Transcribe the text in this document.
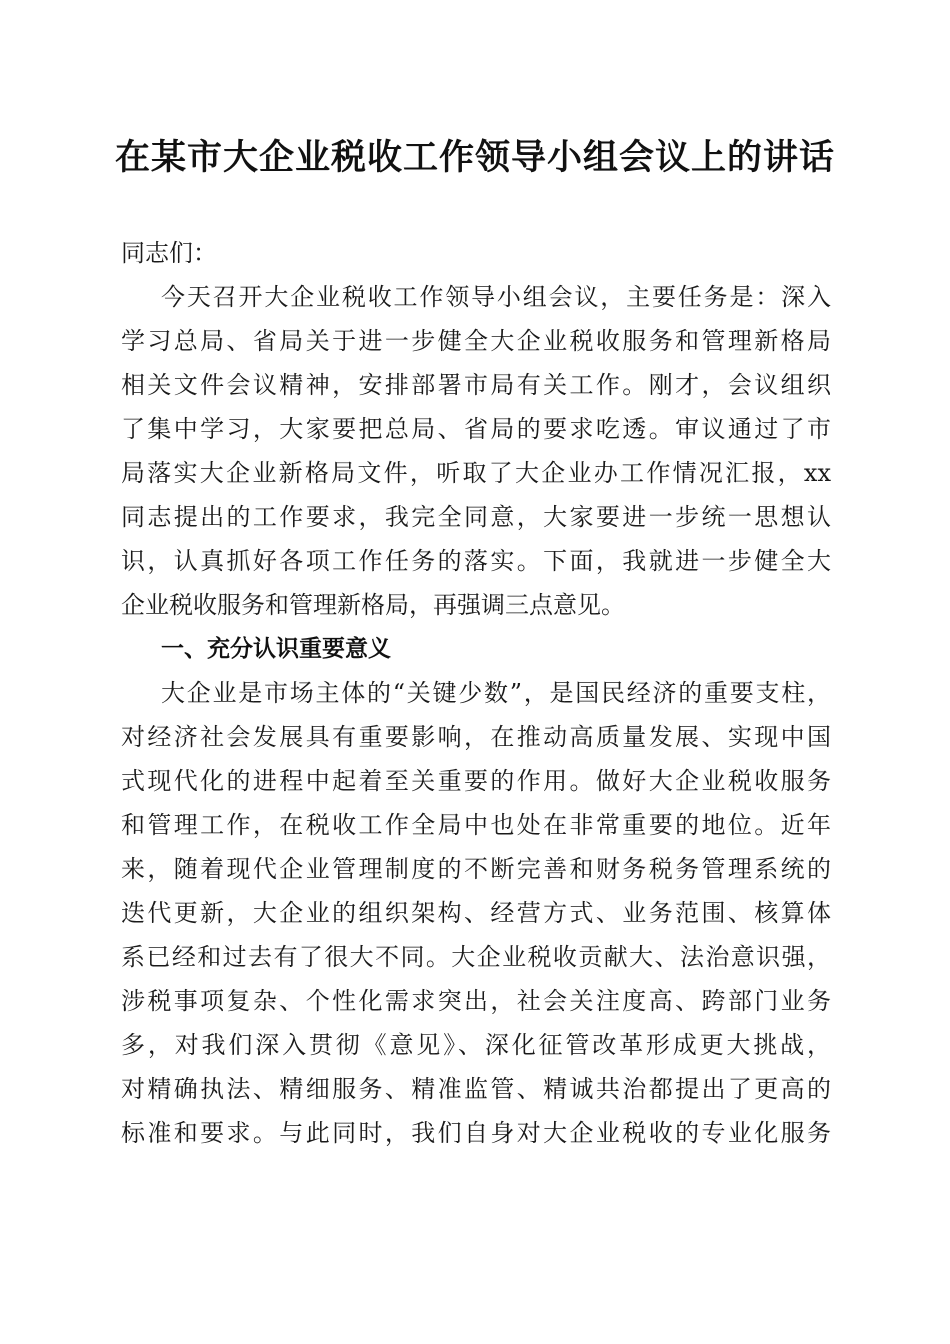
在某市大企业税收工作领导小组会议上的讲话
同志们：
今天召开大企业税收工作领导小组会议，主要任务是：深入
学习总局、省局关于进一步健全大企业税收服务和管理新格局
相关文件会议精神，安排部署市局有关工作。刚才，会议组织
了集中学习，大家要把总局、省局的要求吃透。审议通过了市
局落实大企业新格局文件，听取了大企业办工作情况汇报，xx
同志提出的工作要求，我完全同意，大家要进一步统一思想认
识，认真抓好各项工作任务的落实。下面，我就进一步健全大
企业税收服务和管理新格局，再强调三点意见。
一、充分认识重要意义
大企业是市场主体的“关键少数”，是国民经济的重要支柱，
对经济社会发展具有重要影响，在推动高质量发展、实现中国
式现代化的进程中起着至关重要的作用。做好大企业税收服务
和管理工作，在税收工作全局中也处在非常重要的地位。近年
来，随着现代企业管理制度的不断完善和财务税务管理系统的
迭代更新，大企业的组织架构、经营方式、业务范围、核算体
系已经和过去有了很大不同。大企业税收贡献大、法治意识强，
涉税事项复杂、个性化需求突出，社会关注度高、跨部门业务
多，对我们深入贯彻《意见》、深化征管改革形成更大挑战，
对精确执法、精细服务、精准监管、精诚共治都提出了更高的
标准和要求。与此同时，我们自身对大企业税收的专业化服务
